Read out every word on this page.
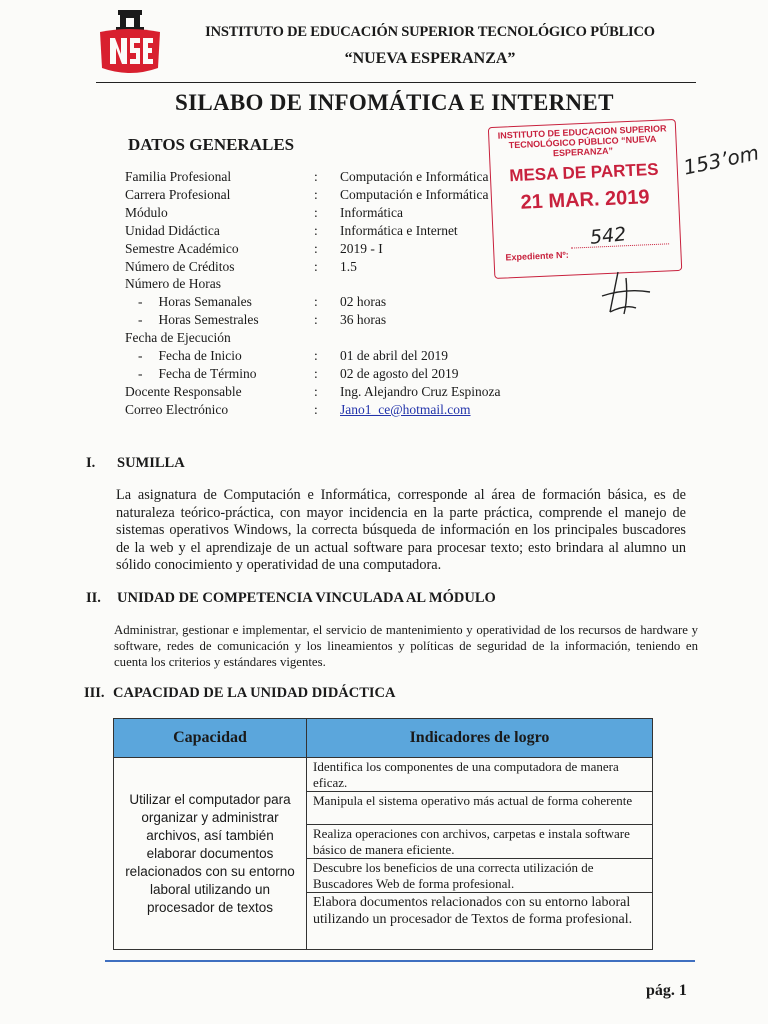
INSTITUTO DE EDUCACIÓN SUPERIOR TECNOLÓGICO PÚBLICO
“NUEVA ESPERANZA”
SILABO DE INFOMÁTICA E INTERNET
DATOS GENERALES
Familia Profesional	: Computación e Informática
Carrera Profesional	: Computación e Informática
Módulo	: Informática
Unidad Didáctica	: Informática e Internet
Semestre Académico	: 2019 - I
Número de Créditos	: 1.5
Número de Horas
- Horas Semanales	: 02 horas
- Horas Semestrales	: 36 horas
Fecha de Ejecución
- Fecha de Inicio	: 01 de abril del 2019
- Fecha de Término	: 02 de agosto del 2019
Docente Responsable	: Ing. Alejandro Cruz Espinoza
Correo Electrónico	: Jano1_ce@hotmail.com
INSTITUTO DE EDUCACION SUPERIOR TECNOLÓGICO PÚBLICO “NUEVA ESPERANZA”
MESA DE PARTES
21 MAR. 2019
Expediente Nº:
542
153’om
I. SUMILLA
La asignatura de Computación e Informática, corresponde al área de formación básica, es de naturaleza teórico-práctica, con mayor incidencia en la parte práctica, comprende el manejo de sistemas operativos Windows, la correcta búsqueda de información en los principales buscadores de la web y el aprendizaje de un actual software para procesar texto; esto brindara al alumno un sólido conocimiento y operatividad de una computadora.
II. UNIDAD DE COMPETENCIA VINCULADA AL MÓDULO
Administrar, gestionar e implementar, el servicio de mantenimiento y operatividad de los recursos de hardware y software, redes de comunicación y los lineamientos y políticas de seguridad de la información, teniendo en cuenta los criterios y estándares vigentes.
III. CAPACIDAD DE LA UNIDAD DIDÁCTICA
Capacidad	Indicadores de logro
Utilizar el computador para organizar y administrar archivos, así también elaborar documentos relacionados con su entorno laboral utilizando un procesador de textos	Identifica los componentes de una computadora de manera eficaz.
	Manipula el sistema operativo más actual de forma coherente
	Realiza operaciones con archivos, carpetas e instala software básico de manera eficiente.
	Descubre los beneficios de una correcta utilización de Buscadores Web de forma profesional.
	Elabora documentos relacionados con su entorno laboral utilizando un procesador de Textos de forma profesional.
pág. 1
